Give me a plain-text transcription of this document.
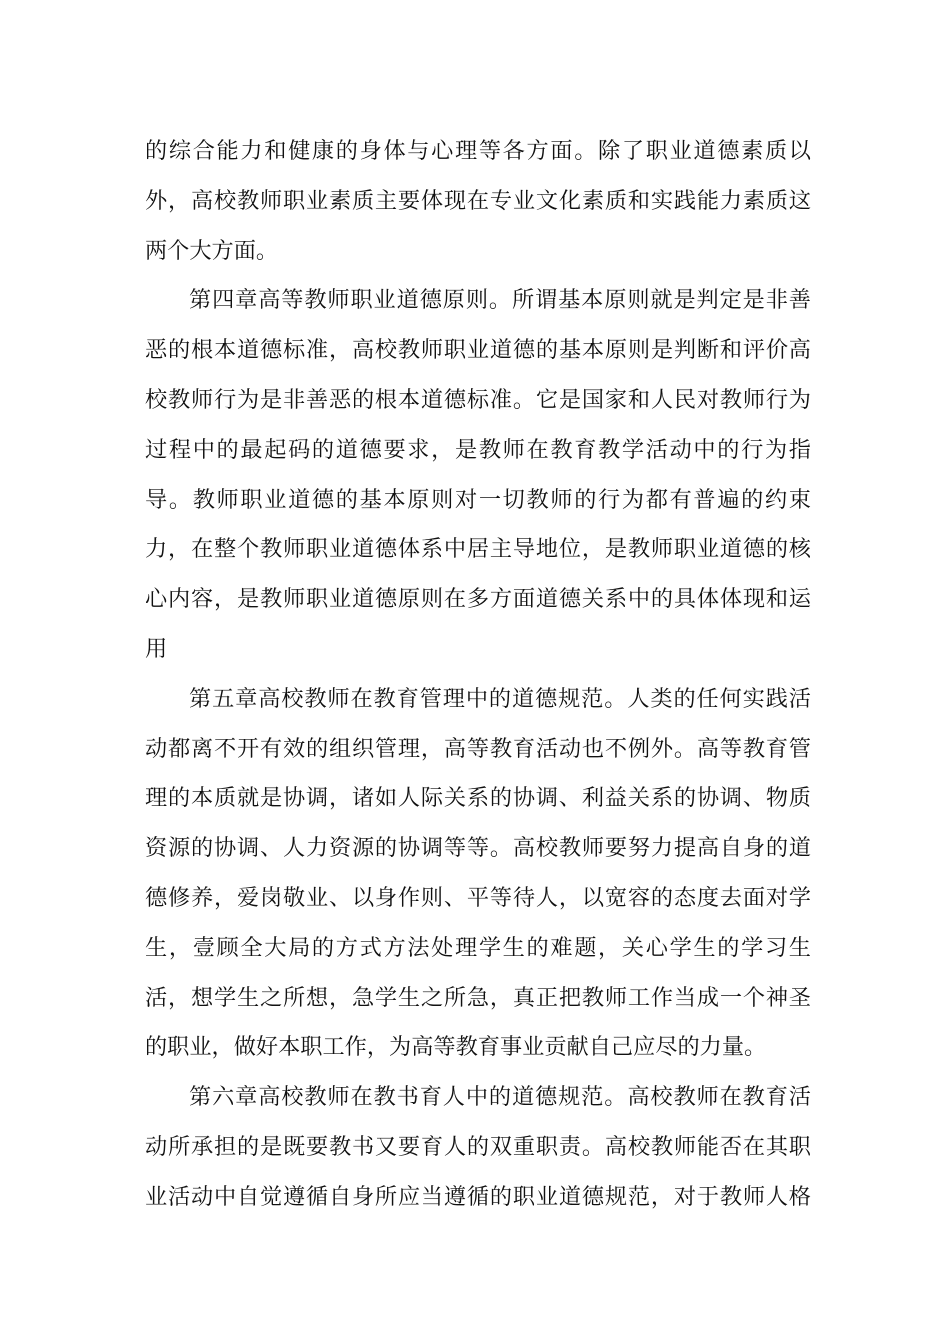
的综合能力和健康的身体与心理等各方面。除了职业道德素质以
外，高校教师职业素质主要体现在专业文化素质和实践能力素质这
两个大方面。
第四章高等教师职业道德原则。所谓基本原则就是判定是非善
恶的根本道德标准，高校教师职业道德的基本原则是判断和评价高
校教师行为是非善恶的根本道德标准。它是国家和人民对教师行为
过程中的最起码的道德要求，是教师在教育教学活动中的行为指
导。教师职业道德的基本原则对一切教师的行为都有普遍的约束
力，在整个教师职业道德体系中居主导地位，是教师职业道德的核
心内容，是教师职业道德原则在多方面道德关系中的具体体现和运
用
第五章高校教师在教育管理中的道德规范。人类的任何实践活
动都离不开有效的组织管理，高等教育活动也不例外。高等教育管
理的本质就是协调，诸如人际关系的协调、利益关系的协调、物质
资源的协调、人力资源的协调等等。高校教师要努力提高自身的道
德修养，爱岗敬业、以身作则、平等待人，以宽容的态度去面对学
生，壹顾全大局的方式方法处理学生的难题，关心学生的学习生
活，想学生之所想，急学生之所急，真正把教师工作当成一个神圣
的职业，做好本职工作，为高等教育事业贡献自己应尽的力量。
第六章高校教师在教书育人中的道德规范。高校教师在教育活
动所承担的是既要教书又要育人的双重职责。高校教师能否在其职
业活动中自觉遵循自身所应当遵循的职业道德规范，对于教师人格
